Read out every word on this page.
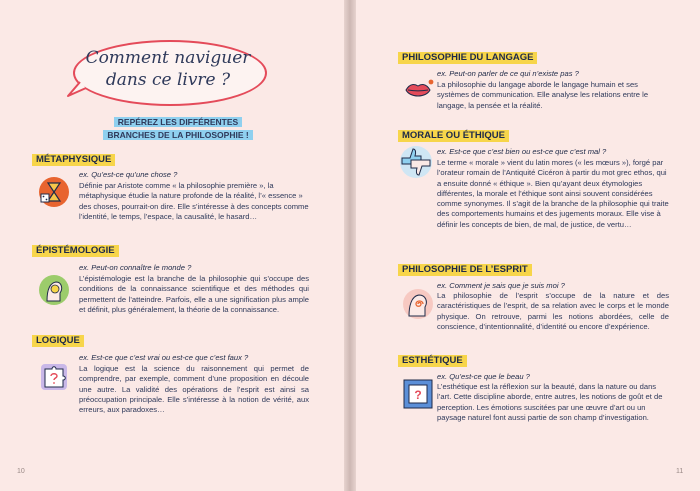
Comment naviguer dans ce livre ?
REPÉREZ LES DIFFÉRENTES
BRANCHES DE LA PHILOSOPHIE !
MÉTAPHYSIQUE
ex. Qu’est-ce qu’une chose ?
Définie par Aristote comme « la philosophie première », la métaphysique étudie la nature profonde de la réalité, l’« essence » des choses, pourrait-on dire. Elle s’intéresse à des concepts comme l’identité, le temps, l’espace, la causalité, le hasard…
ÉPISTÉMOLOGIE
ex. Peut-on connaître le monde ?
L’épistémologie est la branche de la philosophie qui s’occupe des conditions de la connaissance scientifique et des méthodes qui permettent de l’atteindre. Parfois, elle a une signification plus ample et définit, plus généralement, la théorie de la connaissance.
LOGIQUE
ex. Est-ce que c’est vrai ou est-ce que c’est faux ?
La logique est la science du raisonnement qui permet de comprendre, par exemple, comment d’une proposition en découle une autre. La validité des opérations de l’esprit est ainsi sa préoccupation principale. Elle s’intéresse à la notion de vérité, aux erreurs, aux paradoxes…
10
PHILOSOPHIE DU LANGAGE
ex. Peut-on parler de ce qui n’existe pas ?
La philosophie du langage aborde le langage humain et ses systèmes de communication. Elle analyse les relations entre le langage, la pensée et la réalité.
MORALE OU ÉTHIQUE
ex. Est-ce que c’est bien ou est-ce que c’est mal ?
Le terme « morale » vient du latin mores (« les mœurs »), forgé par l’orateur romain de l’Antiquité Cicéron à partir du mot grec ethos, qui a ensuite donné « éthique ». Bien qu’ayant deux étymologies différentes, la morale et l’éthique sont ainsi souvent considérées comme synonymes. Il s’agit de la branche de la philosophie qui traite des comportements humains et des jugements moraux. Elle vise à définir les concepts de bien, de mal, de justice, de vertu…
PHILOSOPHIE DE L’ESPRIT
ex. Comment je sais que je suis moi ?
La philosophie de l’esprit s’occupe de la nature et des caractéristiques de l’esprit, de sa relation avec le corps et le monde physique. On retrouve, parmi les notions abordées, celle de conscience, d’intentionnalité, d’identité ou encore d’expérience.
ESTHÉTIQUE
?
ex. Qu’est-ce que le beau ?
L’esthétique est la réflexion sur la beauté, dans la nature ou dans l’art. Cette discipline aborde, entre autres, les notions de goût et de perception. Les émotions suscitées par une œuvre d’art ou un paysage naturel font aussi partie de son champ d’investigation.
11
